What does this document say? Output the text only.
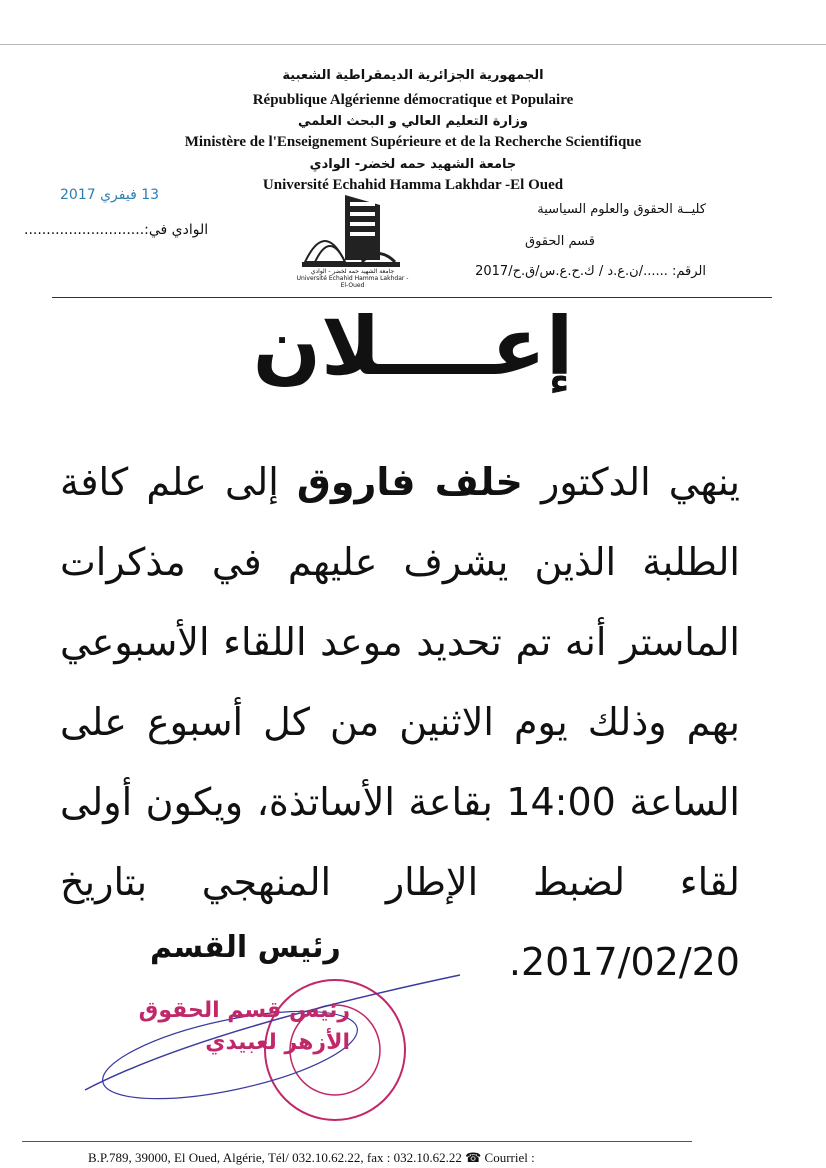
الجمهورية الجزائرية الديمقراطية الشعبية
République Algérienne démocratique et Populaire
وزارة التعليم العالي و البحث العلمي
Ministère de l'Enseignement Supérieure et de la Recherche Scientifique
جامعة الشهيد حمه لخضر- الوادي
Université Echahid Hamma Lakhdar -El Oued
13 فيفري 2017
الوادي في:...........................
كليــة الحقوق والعلوم السياسية
قسم الحقوق
الرقم: ....../ن.ع.د / ك.ح.ع.س/ق.ح/2017
جامعة الشهيد حمه لخضر - الوادي
Université Echahid Hamma Lakhdar - El-Oued
إعــــلان
ينهي الدكتور خلف فاروق إلى علم كافة الطلبة الذين يشرف عليهم في مذكرات الماستر أنه تم تحديد موعد اللقاء الأسبوعي بهم وذلك يوم الاثنين من كل أسبوع على الساعة 14:00 بقاعة الأساتذة، ويكون أولى لقاء لضبط الإطار المنهجي بتاريخ 2017/02/20.
رئيس القسم
رئيس قسم الحقوق
الأزهر لعبيدي
B.P.789, 39000, El Oued, Algérie, Tél/ 032.10.62.22, fax : 032.10.62.22 ☎ Courriel :
